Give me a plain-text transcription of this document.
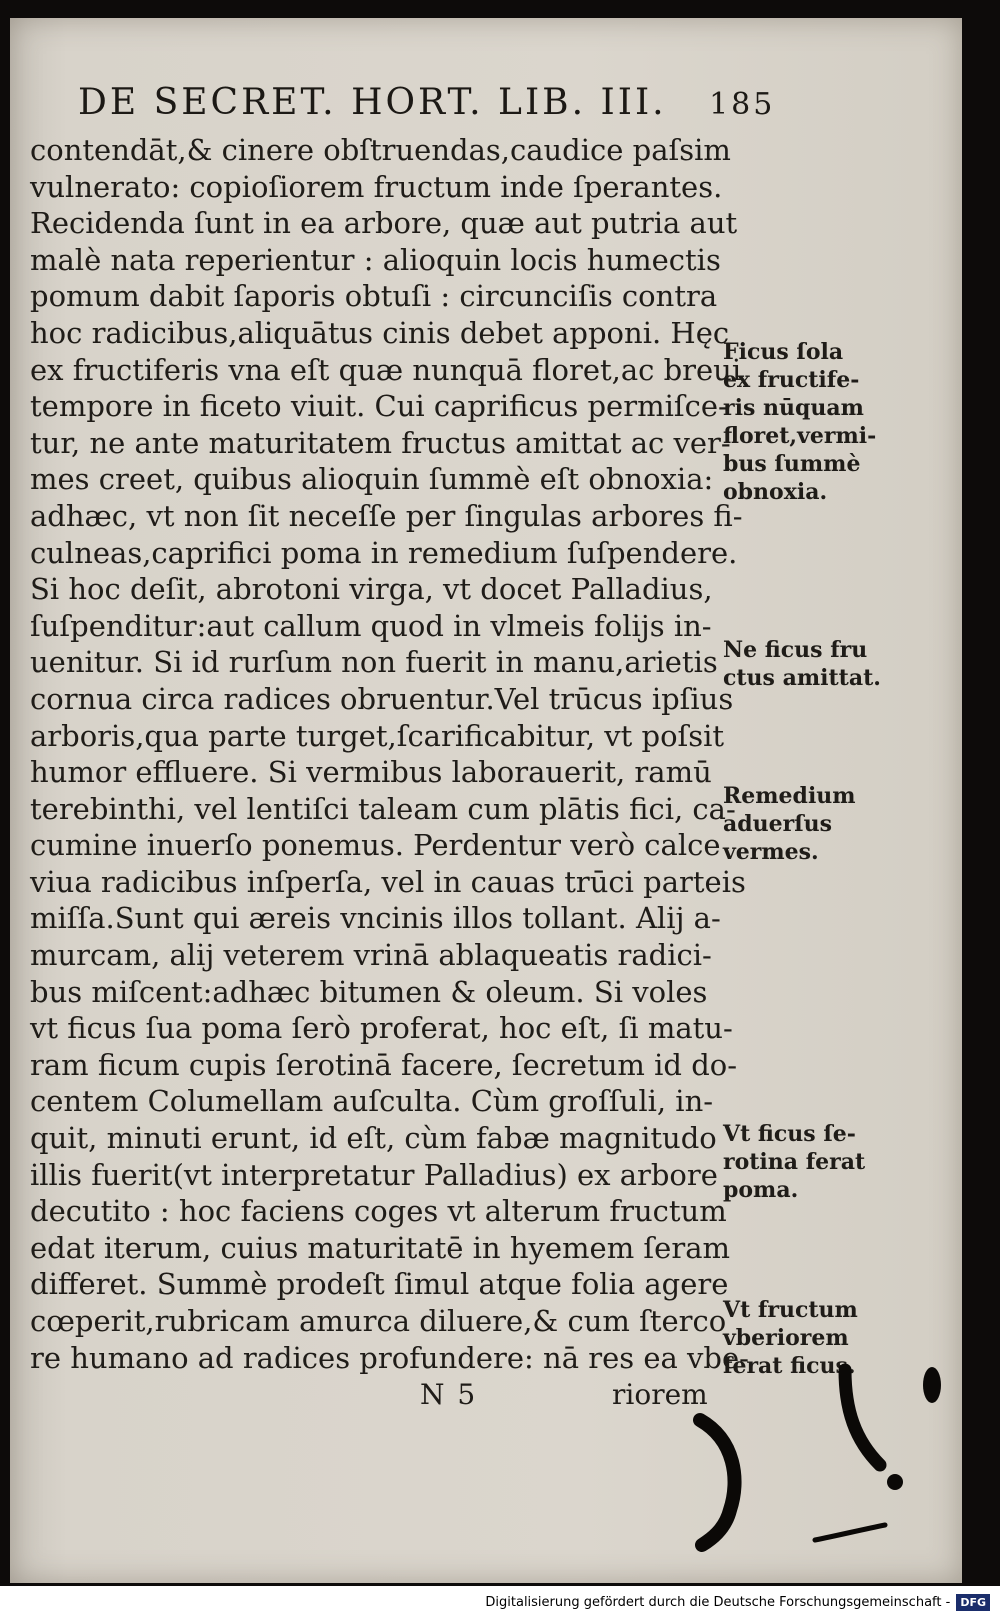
DE SECRET. HORT. LIB. III. 185
contendāt,& cinere obſtruendas,caudice paſsim
vulnerato: copioſiorem fructum inde ſperantes.
Recidenda ſunt in ea arbore, quæ aut putria aut
malè nata reperientur : alioquin locis humectis
pomum dabit ſaporis obtuſi : circunciſis contra
hoc radicibus,aliquātus cinis debet apponi. Hęc
ex fructiferis vna eſt quæ nunquā floret,ac breui
tempore in ficeto viuit. Cui caprificus permiſce-
tur, ne ante maturitatem fructus amittat ac ver-
mes creet, quibus alioquin ſummè eſt obnoxia:
adhæc, vt non ſit neceſſe per ſingulas arbores fi-
culneas,caprifici poma in remedium ſuſpendere.
Si hoc deſit, abrotoni virga, vt docet Palladius,
ſuſpenditur:aut callum quod in vlmeis folijs in-
uenitur. Si id rurſum non fuerit in manu,arietis
cornua circa radices obruentur.Vel trūcus ipſius
arboris,qua parte turget,ſcarificabitur, vt poſsit
humor effluere. Si vermibus laborauerit, ramū
terebinthi, vel lentiſci taleam cum plātis fici, ca-
cumine inuerſo ponemus. Perdentur verò calce
viua radicibus inſperſa, vel in cauas trūci parteis
miſſa.Sunt qui æreis vncinis illos tollant. Alij a-
murcam, alij veterem vrinā ablaqueatis radici-
bus miſcent:adhæc bitumen & oleum. Si voles
vt ficus ſua poma ſerò proferat, hoc eſt, ſi matu-
ram ficum cupis ſerotinā facere, ſecretum id do-
centem Columellam auſculta. Cùm groſſuli, in-
quit, minuti erunt, id eſt, cùm fabæ magnitudo
illis fuerit(vt interpretatur Palladius) ex arbore
decutito : hoc faciens coges vt alterum fructum
edat iterum, cuius maturitatē in hyemem ſeram
differet. Summè prodeſt ſimul atque folia agere
cœperit,rubricam amurca diluere,& cum ſterco
re humano ad radices profundere: nā res ea vbe-
Ficus ſola
ex fructife-
ris nūquam
floret,vermi-
bus ſummè
obnoxia.
Ne ficus fru
ctus amittat.
Remedium
aduerſus
vermes.
Vt ficus ſe-
rotina ferat
poma.
Vt fructum
vberiorem
ferat ficus.
N 5	riorem
Digitalisierung gefördert durch die Deutsche Forschungsgemeinschaft - DFG
